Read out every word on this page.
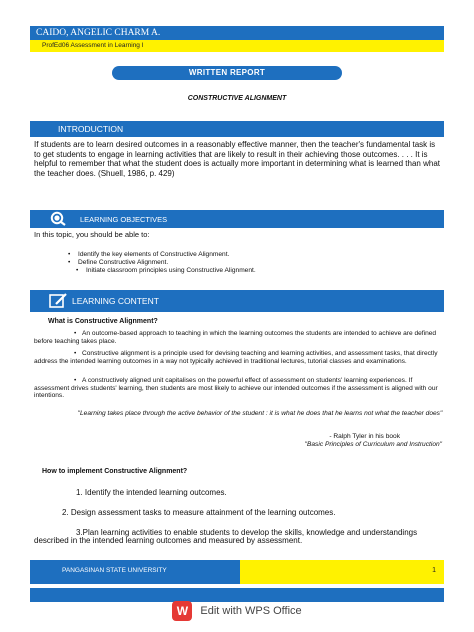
CAIDO, ANGELIC CHARM A.
ProfEd06 Assessment in Learning I
WRITTEN REPORT
CONSTRUCTIVE ALIGNMENT
INTRODUCTION
If students are to learn desired outcomes in a reasonably effective manner, then the teacher's fundamental task is to get students to engage in learning activities that are likely to result in their achieving those outcomes. . . . It is helpful to remember that what the student does is actually more important in determining what is learned than what the teacher does. (Shuell, 1986, p. 429)
LEARNING OBJECTIVES
In this topic, you should be able to:
• Identify the key elements of Constructive Alignment.
• Define Constructive Alignment.
• Initiate classroom principles using Constructive Alignment.
LEARNING CONTENT
What is Constructive Alignment?
• An outcome-based approach to teaching in which the learning outcomes the students are intended to achieve are defined before teaching takes place.
• Constructive alignment is a principle used for devising teaching and learning activities, and assessment tasks, that directly address the intended learning outcomes in a way not typically achieved in traditional lectures, tutorial classes and examinations.
• A constructively aligned unit capitalises on the powerful effect of assessment on students' learning experiences. If assessment drives students' learning, then students are most likely to achieve our intended outcomes if the assessment is aligned with our intentions.
"Learning takes place through the active behavior of the student : it is what he does that he learns not what the teacher does"
- Ralph Tyler in his book
"Basic Principles of Curriculum and Instruction"
How to implement Constructive Alignment?
1. Identify the intended learning outcomes.
2. Design assessment tasks to measure attainment of the learning outcomes.
3.Plan learning activities to enable students to develop the skills, knowledge and understandings described in the intended learning outcomes and measured by assessment.
PANGASINAN STATE UNIVERSITY	1
W
Edit with WPS Office
